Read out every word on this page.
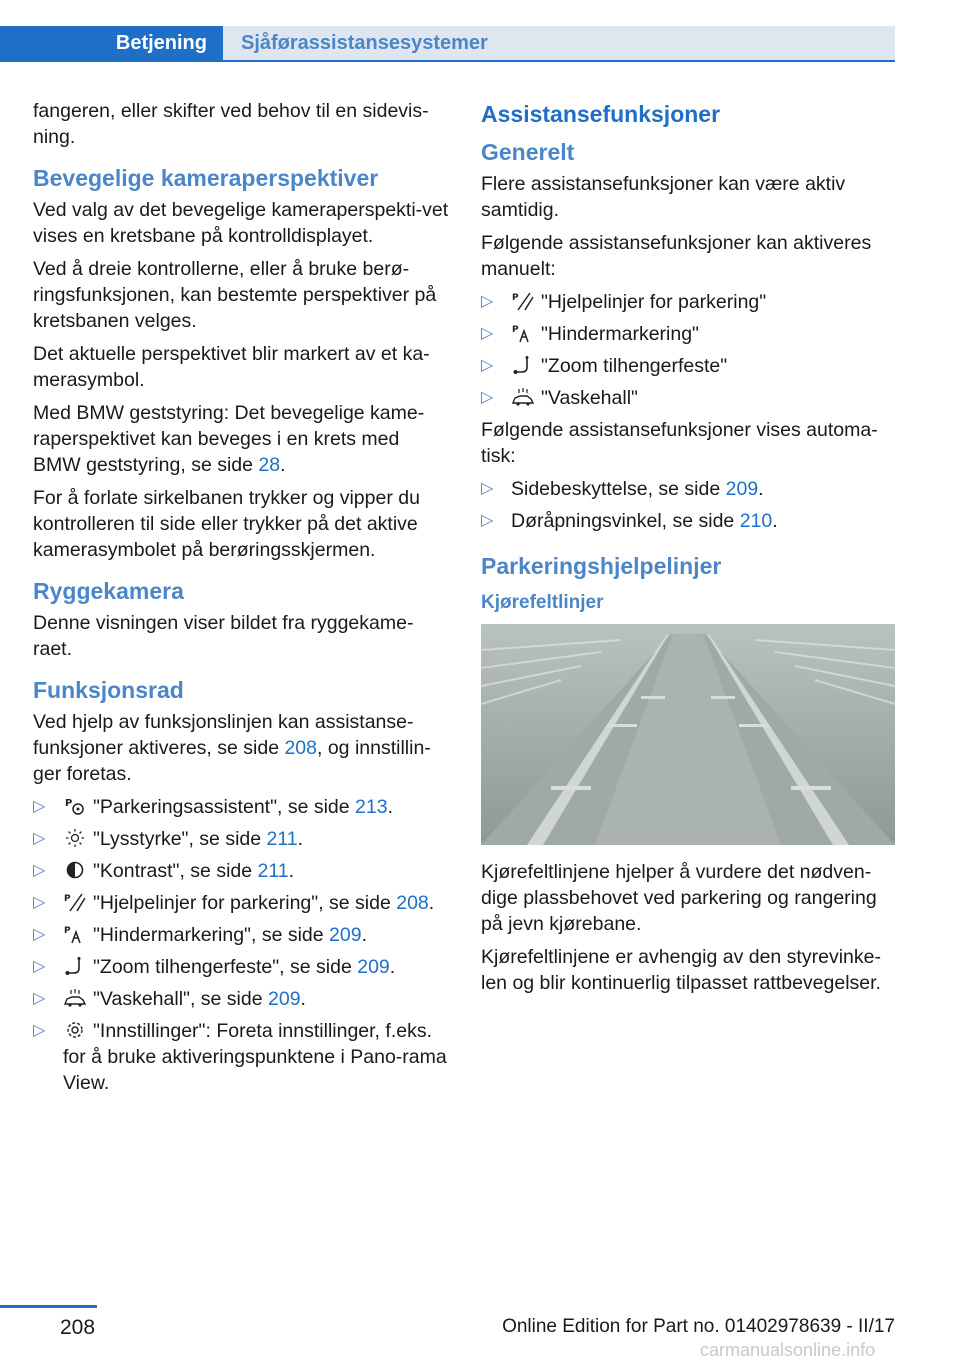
Betjening	Sjåførassistansesystemer

fangeren, eller skifter ved behov til en sidevis-ning.

Bevegelige kameraperspektiver

Ved valg av det bevegelige kameraperspekti-vet vises en kretsbane på kontrolldisplayet.

Ved å dreie kontrollerne, eller å bruke berø-ringsfunksjonen, kan bestemte perspektiver på kretsbanen velges.

Det aktuelle perspektivet blir markert av et ka-merasymbol.

Med BMW geststyring: Det bevegelige kame-raperspektivet kan beveges i en krets med BMW geststyring, se side 28.

For å forlate sirkelbanen trykker og vipper du kontrolleren til side eller trykker på det aktive kamerasymbolet på berøringsskjermen.

Ryggekamera

Denne visningen viser bildet fra ryggekame-raet.

Funksjonsrad

Ved hjelp av funksjonslinjen kan assistanse-funksjoner aktiveres, se side 208, og innstillin-ger foretas.

▷ P "Parkeringsassistent", se side 213.
▷ "Lysstyrke", se side 211.
▷ "Kontrast", se side 211.
▷ P "Hjelpelinjer for parkering", se side 208.
▷ P "Hindermarkering", se side 209.
▷ "Zoom tilhengerfeste", se side 209.
▷ "Vaskehall", se side 209.
▷ "Innstillinger": Foreta innstillinger, f.eks. for å bruke aktiveringspunktene i Pano-rama View.
Assistansefunksjoner
Generelt

Flere assistansefunksjoner kan være aktiv samtidig.

Følgende assistansefunksjoner kan aktiveres manuelt:

▷ P "Hjelpelinjer for parkering"
▷ P "Hindermarkering"
▷ "Zoom tilhengerfeste"
▷ "Vaskehall"

Følgende assistansefunksjoner vises automa-tisk:

▷ Sidebeskyttelse, se side 209.
▷ Døråpningsvinkel, se side 210.
Parkeringshjelpelinjer
Kjørefeltlinjer

Kjørefeltlinjene hjelper å vurdere det nødven-dige plassbehovet ved parkering og rangering på jevn kjørebane.

Kjørefeltlinjene er avhengig av den styrevinke-len og blir kontinuerlig tilpasset rattbevegelser.

208	Online Edition for Part no. 01402978639 - II/17
carmanualsonline.info
